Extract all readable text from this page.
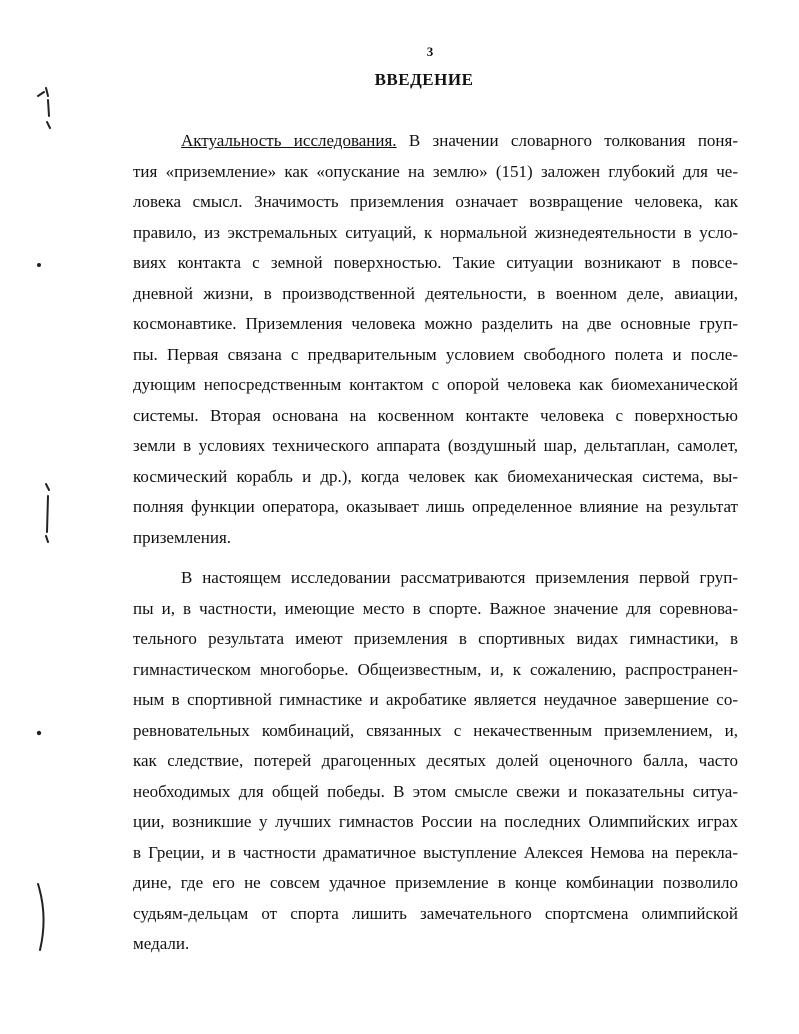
3
ВВЕДЕНИЕ

Актуальность исследования. В значении словарного толкования поня-
тия «приземление» как «опускание на землю» (151) заложен глубокий для че-
ловека смысл. Значимость приземления означает возвращение человека, как
правило, из экстремальных ситуаций, к нормальной жизнедеятельности в усло-
виях контакта с земной поверхностью. Такие ситуации возникают в повсе-
дневной жизни, в производственной деятельности, в военном деле, авиации,
космонавтике. Приземления человека можно разделить на две основные груп-
пы. Первая связана с предварительным условием свободного полета и после-
дующим непосредственным контактом с опорой человека как биомеханической
системы. Вторая основана на косвенном контакте человека с поверхностью
земли в условиях технического аппарата (воздушный шар, дельтаплан, самолет,
космический корабль и др.), когда человек как биомеханическая система, вы-
полняя функции оператора, оказывает лишь определенное влияние на результат
приземления.

В настоящем исследовании рассматриваются приземления первой груп-
пы и, в частности, имеющие место в спорте. Важное значение для соревнова-
тельного результата имеют приземления в спортивных видах гимнастики, в
гимнастическом многоборье. Общеизвестным, и, к сожалению, распространен-
ным в спортивной гимнастике и акробатике является неудачное завершение со-
ревновательных комбинаций, связанных с некачественным приземлением, и,
как следствие, потерей драгоценных десятых долей оценочного балла, часто
необходимых для общей победы. В этом смысле свежи и показательны ситуа-
ции, возникшие у лучших гимнастов России на последних Олимпийских играх
в Греции, и в частности драматичное выступление Алексея Немова на перекла-
дине, где его не совсем удачное приземление в конце комбинации позволило
судьям-дельцам от спорта лишить замечательного спортсмена олимпийской
медали.
